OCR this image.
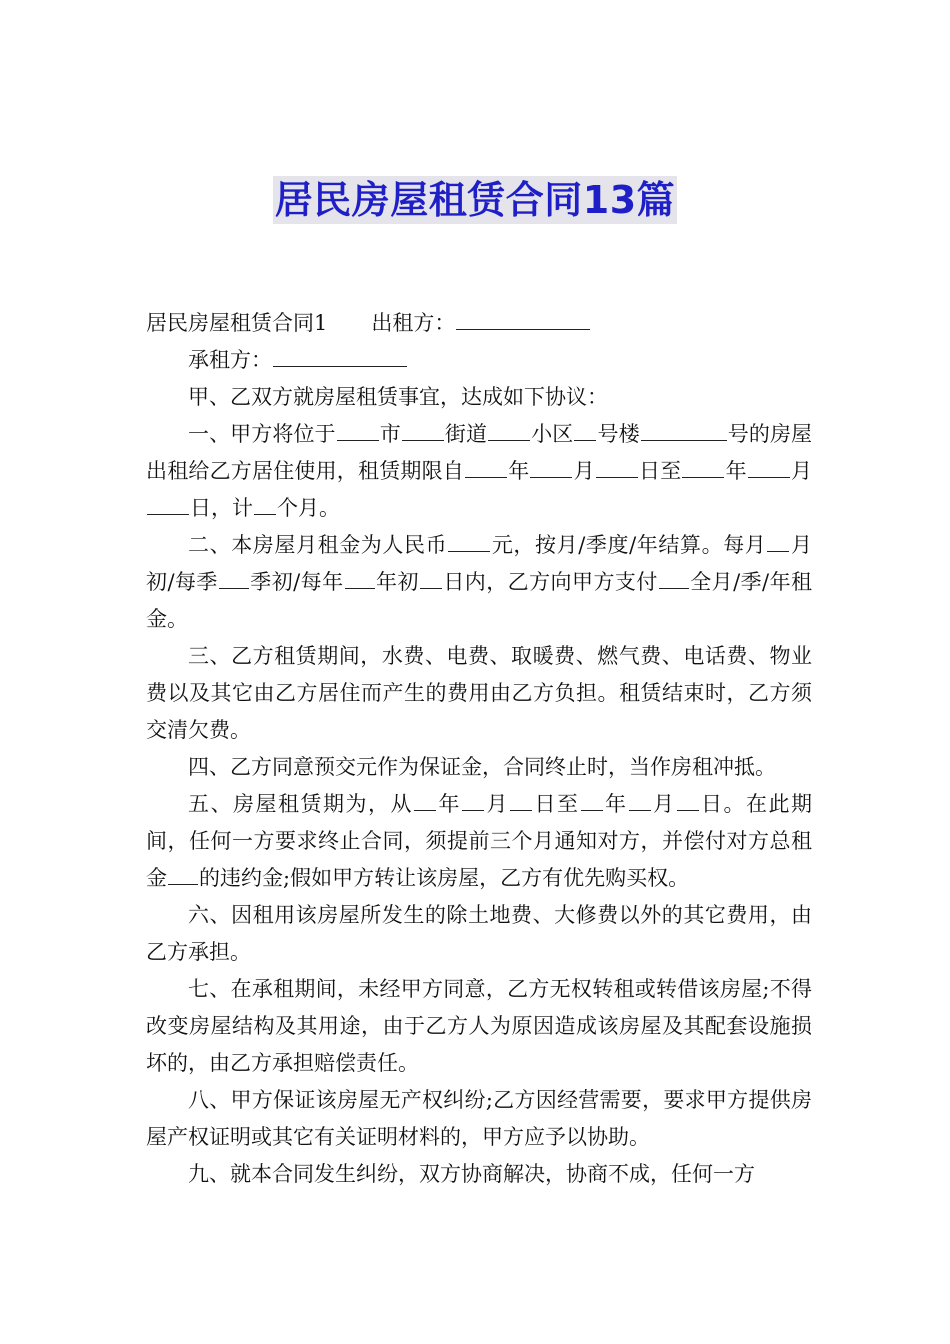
居民房屋租赁合同13篇

居民房屋租赁合同1 出租方：

承租方：

甲、乙双方就房屋租赁事宜，达成如下协议：

一、甲方将位于 市 街道 小区 号楼	号的房屋出租给乙方居住使用，租赁期限自 年 月 日至 年 月日，计 个月。

二、本房屋月租金为人民币 元，按月/季度/年结算。每月 月初/每季 季初/每年 年初 日内，乙方向甲方支付 全月/季/年租金。

三、乙方租赁期间，水费、电费、取暖费、燃气费、电话费、物业费以及其它由乙方居住而产生的费用由乙方负担。租赁结束时，乙方须交清欠费。

四、乙方同意预交元作为保证金，合同终止时，当作房租冲抵。

五、房屋租赁期为，从 年 月 日至 年 月 日。在此期间，任何一方要求终止合同，须提前三个月通知对方，并偿付对方总租金 的违约金;假如甲方转让该房屋，乙方有优先购买权。

六、因租用该房屋所发生的除土地费、大修费以外的其它费用，由乙方承担。

七、在承租期间，未经甲方同意，乙方无权转租或转借该房屋;不得改变房屋结构及其用途，由于乙方人为原因造成该房屋及其配套设施损坏的，由乙方承担赔偿责任。

八、甲方保证该房屋无产权纠纷;乙方因经营需要，要求甲方提供房屋产权证明或其它有关证明材料的，甲方应予以协助。

九、就本合同发生纠纷，双方协商解决，协商不成，任何一方
